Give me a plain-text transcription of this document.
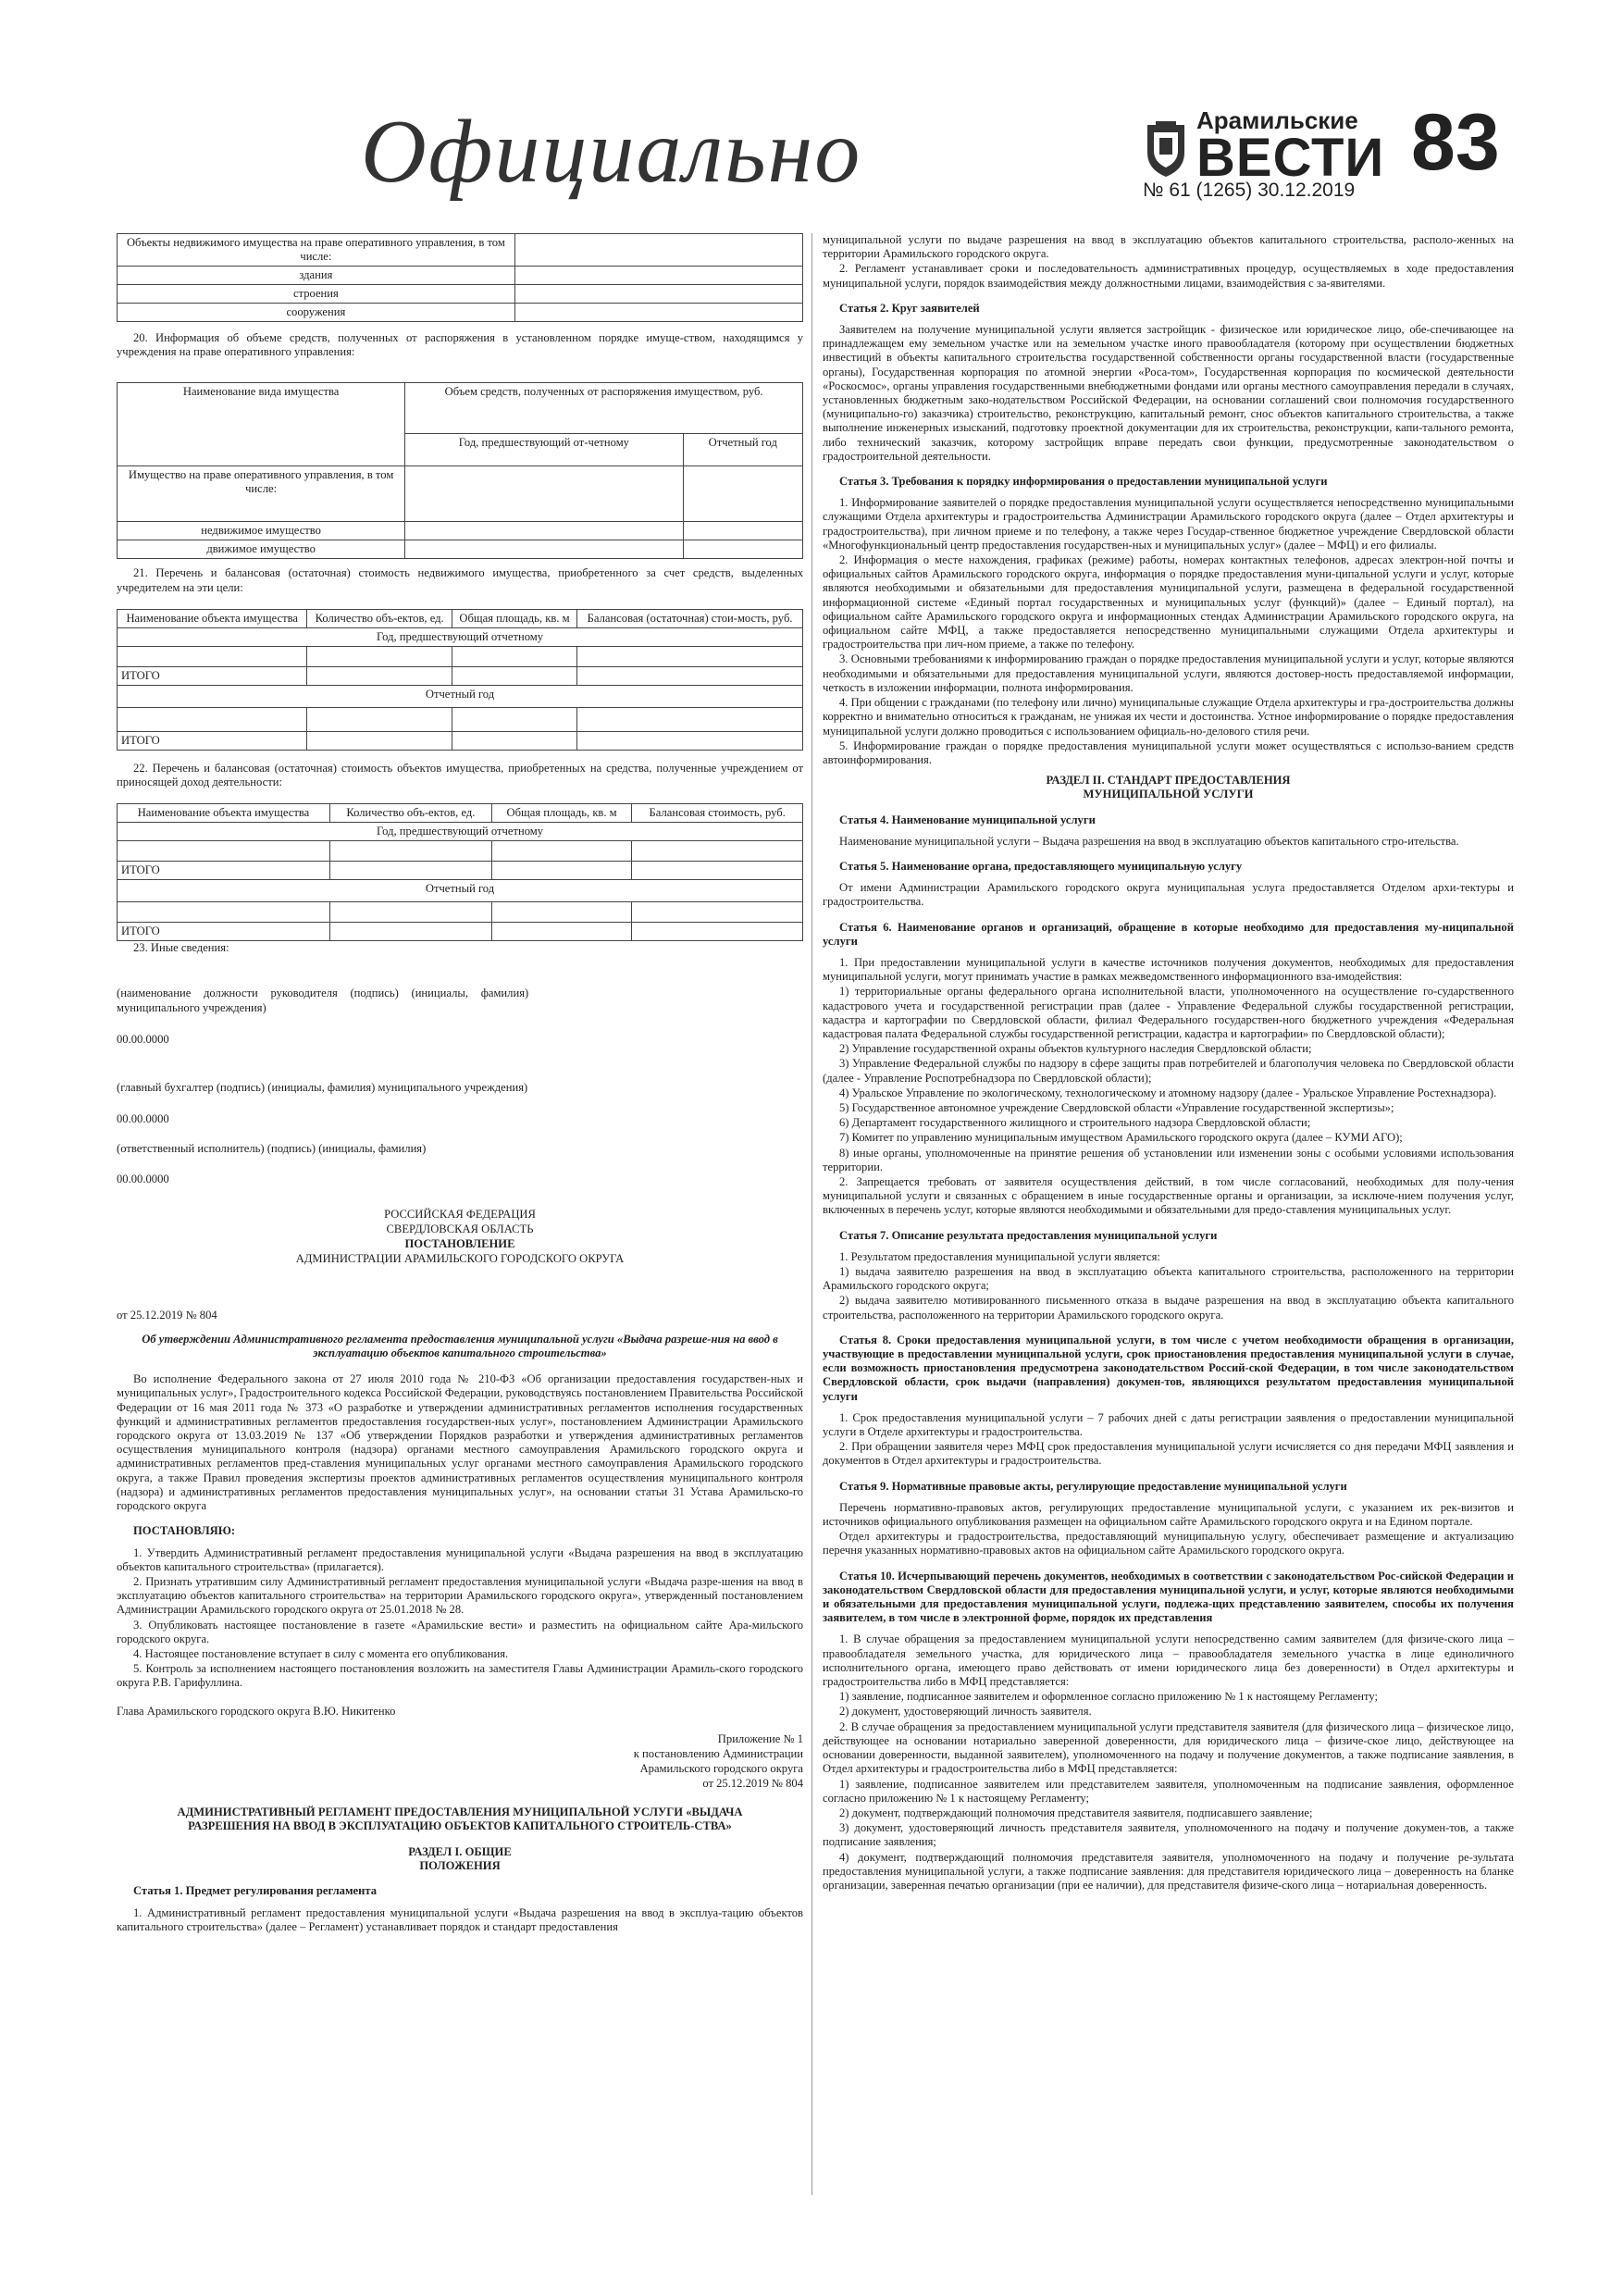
Официально	Арамильские
ВЕСТИ
№ 61 (1265) 30.12.2019
83
Объекты недвижимого имущества на праве оперативного управления, в том числе:	
здания	
строения	
сооружения	

20. Информация об объеме средств, полученных от распоряжения в установленном порядке имуще-ством, находящимся у учреждения на праве оперативного управления:

Наименование вида имущества	Объем средств, полученных от распоряжения имуществом, руб.	
	Год, предшествующий от-четному	Отчетный год
Имущество на праве оперативного управления, в том числе:		
недвижимое имущество		
движимое имущество		

21. Перечень и балансовая (остаточная) стоимость недвижимого имущества, приобретенного за счет средств, выделенных учредителем на эти цели:

Наименование объекта имущества	Количество объ-ектов, ед.	Общая площадь, кв. м	Балансовая (остаточная) стои-мость, руб.
Год, предшествующий отчетному			

ИТОГО			
Отчетный год			

ИТОГО			

22. Перечень и балансовая (остаточная) стоимость объектов имущества, приобретенных на средства, полученные учреждением от приносящей доход деятельности:

Наименование объекта имущества	Количество объ-ектов, ед.	Общая площадь, кв. м	Балансовая стоимость, руб.
Год, предшествующий отчетному			

ИТОГО			
Отчетный год			

ИТОГО			

23. Иные сведения:

(наименование должности руководителя (подпись) (инициалы, фамилия) муниципального учреждения)

00.00.0000

(главный бухгалтер (подпись) (инициалы, фамилия) муниципального учреждения)

00.00.0000

(ответственный исполнитель) (подпись) (инициалы, фамилия)

00.00.0000

РОССИЙСКАЯ ФЕДЕРАЦИЯ

СВЕРДЛОВСКАЯ ОБЛАСТЬ

ПОСТАНОВЛЕНИЕ

АДМИНИСТРАЦИИ АРАМИЛЬСКОГО ГОРОДСКОГО ОКРУГА

от 25.12.2019 № 804

Об утверждении Административного регламента предоставления муниципальной услуги «Выдача разреше-ния на ввод в эксплуатацию объектов капитального строительства»

Во исполнение Федерального закона от 27 июля 2010 года № 210-ФЗ «Об организации предоставления государствен-ных и муниципальных услуг», Градостроительного кодекса Российской Федерации, руководствуясь постановлением Правительства Российской Федерации от 16 мая 2011 года № 373 «О разработке и утверждении административных регламентов исполнения государственных функций и административных регламентов предоставления государствен-ных услуг», постановлением Администрации Арамильского городского округа от 13.03.2019 № 137 «Об утверждении Порядков разработки и утверждения административных регламентов осуществления муниципального контроля (надзора) органами местного самоуправления Арамильского городского округа и административных регламентов пред-ставления муниципальных услуг органами местного самоуправления Арамильского городского округа, а также Правил проведения экспертизы проектов административных регламентов осуществления муниципального контроля (надзора) и административных регламентов предоставления муниципальных услуг», на основании статьи 31 Устава Арамильско-го городского округа

ПОСТАНОВЛЯЮ:

1. Утвердить Административный регламент предоставления муниципальной услуги «Выдача разрешения на ввод в эксплуатацию объектов капитального строительства» (прилагается).

2. Признать утратившим силу Административный регламент предоставления муниципальной услуги «Выдача разре-шения на ввод в эксплуатацию объектов капитального строительства» на территории Арамильского городского округа», утвержденный постановлением Администрации Арамильского городского округа от 25.01.2018 № 28.

3. Опубликовать настоящее постановление в газете «Арамильские вести» и разместить на официальном сайте Ара-мильского городского округа.

4. Настоящее постановление вступает в силу с момента его опубликования.

5. Контроль за исполнением настоящего постановления возложить на заместителя Главы Администрации Арамиль-ского городского округа Р.В. Гарифуллина.

Глава Арамильского городского округа В.Ю. Никитенко

Приложение № 1

к постановлению Администрации

Арамильского городского округа

от 25.12.2019 № 804

АДМИНИСТРАТИВНЫЙ РЕГЛАМЕНТ ПРЕДОСТАВЛЕНИЯ МУНИЦИПАЛЬНОЙ УСЛУГИ «ВЫДАЧА РАЗРЕШЕНИЯ НА ВВОД В ЭКСПЛУАТАЦИЮ ОБЪЕКТОВ КАПИТАЛЬНОГО СТРОИТЕЛЬ-СТВА»

РАЗДЕЛ I. ОБЩИЕ ПОЛОЖЕНИЯ

Статья 1. Предмет регулирования регламента

1. Административный регламент предоставления муниципальной услуги «Выдача разрешения на ввод в эксплуа-тацию объектов капитального строительства» (далее – Регламент) устанавливает порядок и стандарт предоставления

муниципальной услуги по выдаче разрешения на ввод в эксплуатацию объектов капитального строительства, располо-женных на территории Арамильского городского округа.

2. Регламент устанавливает сроки и последовательность административных процедур, осуществляемых в ходе предоставления муниципальной услуги, порядок взаимодействия между должностными лицами, взаимодействия с за-явителями.

Статья 2. Круг заявителей

Заявителем на получение муниципальной услуги является застройщик - физическое или юридическое лицо, обе-спечивающее на принадлежащем ему земельном участке или на земельном участке иного правообладателя (которому при осуществлении бюджетных инвестиций в объекты капитального строительства государственной собственности органы государственной власти (государственные органы), Государственная корпорация по атомной энергии «Роса-том», Государственная корпорация по космической деятельности «Роскосмос», органы управления государственными внебюджетными фондами или органы местного самоуправления передали в случаях, установленных бюджетным зако-нодательством Российской Федерации, на основании соглашений свои полномочия государственного (муниципально-го) заказчика) строительство, реконструкцию, капитальный ремонт, снос объектов капитального строительства, а также выполнение инженерных изысканий, подготовку проектной документации для их строительства, реконструкции, капи-тального ремонта, либо технический заказчик, которому застройщик вправе передать свои функции, предусмотренные законодательством о градостроительной деятельности.

Статья 3. Требования к порядку информирования о предоставлении муниципальной услуги

1. Информирование заявителей о порядке предоставления муниципальной услуги осуществляется непосредственно муниципальными служащими Отдела архитектуры и градостроительства Администрации Арамильского городского округа (далее – Отдел архитектуры и градостроительства), при личном приеме и по телефону, а также через Государ-ственное бюджетное учреждение Свердловской области «Многофункциональный центр предоставления государствен-ных и муниципальных услуг» (далее – МФЦ) и его филиалы.

2. Информация о месте нахождения, графиках (режиме) работы, номерах контактных телефонов, адресах электрон-ной почты и официальных сайтов Арамильского городского округа, информация о порядке предоставления муни-ципальной услуги и услуг, которые являются необходимыми и обязательными для предоставления муниципальной услуги, размещена в федеральной государственной информационной системе «Единый портал государственных и муниципальных услуг (функций)» (далее – Единый портал), на официальном сайте Арамильского городского округа и информационных стендах Администрации Арамильского городского округа, на официальном сайте МФЦ, а также предоставляется непосредственно муниципальными служащими Отдела архитектуры и градостроительства при лич-ном приеме, а также по телефону.

3. Основными требованиями к информированию граждан о порядке предоставления муниципальной услуги и услуг, которые являются необходимыми и обязательными для предоставления муниципальной услуги, являются достовер-ность предоставляемой информации, четкость в изложении информации, полнота информирования.

4. При общении с гражданами (по телефону или лично) муниципальные служащие Отдела архитектуры и гра-достроительства должны корректно и внимательно относиться к гражданам, не унижая их чести и достоинства. Устное информирование о порядке предоставления муниципальной услуги должно проводиться с использованием официаль-но-делового стиля речи.

5. Информирование граждан о порядке предоставления муниципальной услуги может осуществляться с использо-ванием средств автоинформирования.

РАЗДЕЛ II. СТАНДАРТ ПРЕДОСТАВЛЕНИЯ МУНИЦИПАЛЬНОЙ УСЛУГИ

Статья 4. Наименование муниципальной услуги

Наименование муниципальной услуги – Выдача разрешения на ввод в эксплуатацию объектов капитального стро-ительства.

Статья 5. Наименование органа, предоставляющего муниципальную услугу

От имени Администрации Арамильского городского округа муниципальная услуга предоставляется Отделом архи-тектуры и градостроительства.

Статья 6. Наименование органов и организаций, обращение в которые необходимо для предоставления му-ниципальной услуги

1. При предоставлении муниципальной услуги в качестве источников получения документов, необходимых для предоставления муниципальной услуги, могут принимать участие в рамках межведомственного информационного вза-имодействия:

1) территориальные органы федерального органа исполнительной власти, уполномоченного на осуществление го-сударственного кадастрового учета и государственной регистрации прав (далее - Управление Федеральной службы государственной регистрации, кадастра и картографии по Свердловской области, филиал Федерального государствен-ного бюджетного учреждения «Федеральная кадастровая палата Федеральной службы государственной регистрации, кадастра и картографии» по Свердловской области);

2) Управление государственной охраны объектов культурного наследия Свердловской области;

3) Управление Федеральной службы по надзору в сфере защиты прав потребителей и благополучия человека по Свердловской области (далее - Управление Роспотребнадзора по Свердловской области);

4) Уральское Управление по экологическому, технологическому и атомному надзору (далее - Уральское Управление Ростехнадзора).

5) Государственное автономное учреждение Свердловской области «Управление государственной экспертизы»;

6) Департамент государственного жилищного и строительного надзора Свердловской области;

7) Комитет по управлению муниципальным имуществом Арамильского городского округа (далее – КУМИ АГО);

8) иные органы, уполномоченные на принятие решения об установлении или изменении зоны с особыми условиями использования территории.

2. Запрещается требовать от заявителя осуществления действий, в том числе согласований, необходимых для полу-чения муниципальной услуги и связанных с обращением в иные государственные органы и организации, за исключе-нием получения услуг, включенных в перечень услуг, которые являются необходимыми и обязательными для предо-ставления муниципальных услуг.

Статья 7. Описание результата предоставления муниципальной услуги

1. Результатом предоставления муниципальной услуги является:

1) выдача заявителю разрешения на ввод в эксплуатацию объекта капитального строительства, расположенного на территории Арамильского городского округа;

2) выдача заявителю мотивированного письменного отказа в выдаче разрешения на ввод в эксплуатацию объекта капитального строительства, расположенного на территории Арамильского городского округа.

Статья 8. Сроки предоставления муниципальной услуги, в том числе с учетом необходимости обращения в организации, участвующие в предоставлении муниципальной услуги, срок приостановления предоставления муниципальной услуги в случае, если возможность приостановления предусмотрена законодательством Россий-ской Федерации, в том числе законодательством Свердловской области, срок выдачи (направления) докумен-тов, являющихся результатом предоставления муниципальной услуги

1. Срок предоставления муниципальной услуги – 7 рабочих дней с даты регистрации заявления о предоставлении муниципальной услуги в Отделе архитектуры и градостроительства.

2. При обращении заявителя через МФЦ срок предоставления муниципальной услуги исчисляется со дня передачи МФЦ заявления и документов в Отдел архитектуры и градостроительства.

Статья 9. Нормативные правовые акты, регулирующие предоставление муниципальной услуги

Перечень нормативно-правовых актов, регулирующих предоставление муниципальной услуги, с указанием их рек-визитов и источников официального опубликования размещен на официальном сайте Арамильского городского округа и на Едином портале.

Отдел архитектуры и градостроительства, предоставляющий муниципальную услугу, обеспечивает размещение и актуализацию перечня указанных нормативно-правовых актов на официальном сайте Арамильского городского округа.

Статья 10. Исчерпывающий перечень документов, необходимых в соответствии с законодательством Рос-сийской Федерации и законодательством Свердловской области для предоставления муниципальной услуги, и услуг, которые являются необходимыми и обязательными для предоставления муниципальной услуги, подлежа-щих представлению заявителем, способы их получения заявителем, в том числе в электронной форме, порядок их представления

1. В случае обращения за предоставлением муниципальной услуги непосредственно самим заявителем (для физиче-ского лица – правообладателя земельного участка, для юридического лица – правообладателя земельного участка в лице единоличного исполнительного органа, имеющего право действовать от имени юридического лица без доверенности) в Отдел архитектуры и градостроительства либо в МФЦ представляется:

1) заявление, подписанное заявителем и оформленное согласно приложению № 1 к настоящему Регламенту;

2) документ, удостоверяющий личность заявителя.

2. В случае обращения за предоставлением муниципальной услуги представителя заявителя (для физического лица – физическое лицо, действующее на основании нотариально заверенной доверенности, для юридического лица – физиче-ское лицо, действующее на основании доверенности, выданной заявителем), уполномоченного на подачу и получение документов, а также подписание заявления, в Отдел архитектуры и градостроительства либо в МФЦ представляется:

1) заявление, подписанное заявителем или представителем заявителя, уполномоченным на подписание заявления, оформленное согласно приложению № 1 к настоящему Регламенту;

2) документ, подтверждающий полномочия представителя заявителя, подписавшего заявление;

3) документ, удостоверяющий личность представителя заявителя, уполномоченного на подачу и получение докумен-тов, а также подписание заявления;

4) документ, подтверждающий полномочия представителя заявителя, уполномоченного на подачу и получение ре-зультата предоставления муниципальной услуги, а также подписание заявления: для представителя юридического лица – доверенность на бланке организации, заверенная печатью организации (при ее наличии), для представителя физиче-ского лица – нотариальная доверенность.
